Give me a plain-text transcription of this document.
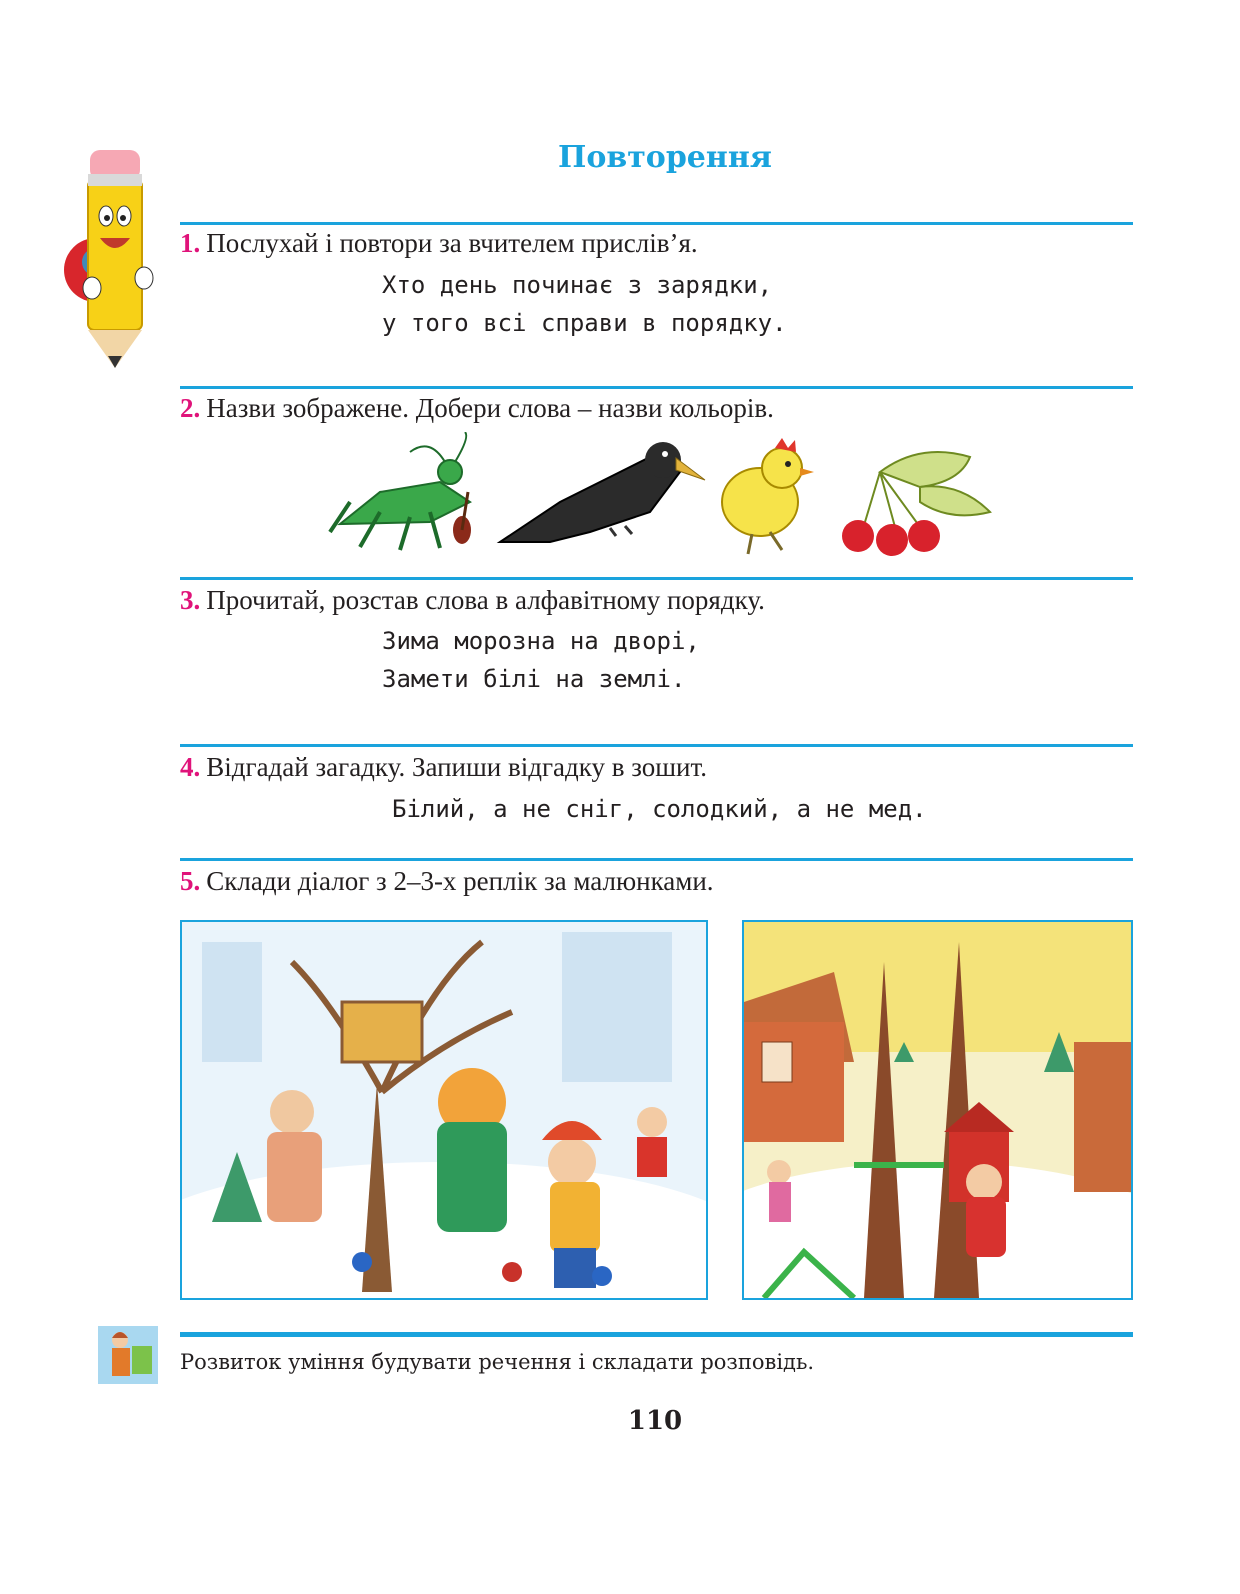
Повторення
1. Послухай і повтори за вчителем прислів’я.
Хто день починає з зарядки,
у того всі справи в порядку.
2. Назви зображене. Добери слова – назви кольорів.
3. Прочитай, розстав слова в алфавітному порядку.
Зима морозна на дворі,
Замети білі на землі.
4. Відгадай загадку. Запиши відгадку в зошит.
Білий, а не сніг, солодкий, а не мед.
5. Склади діалог з 2–3-х реплік за малюнками.
Розвиток уміння будувати речення і складати розповідь.
110
